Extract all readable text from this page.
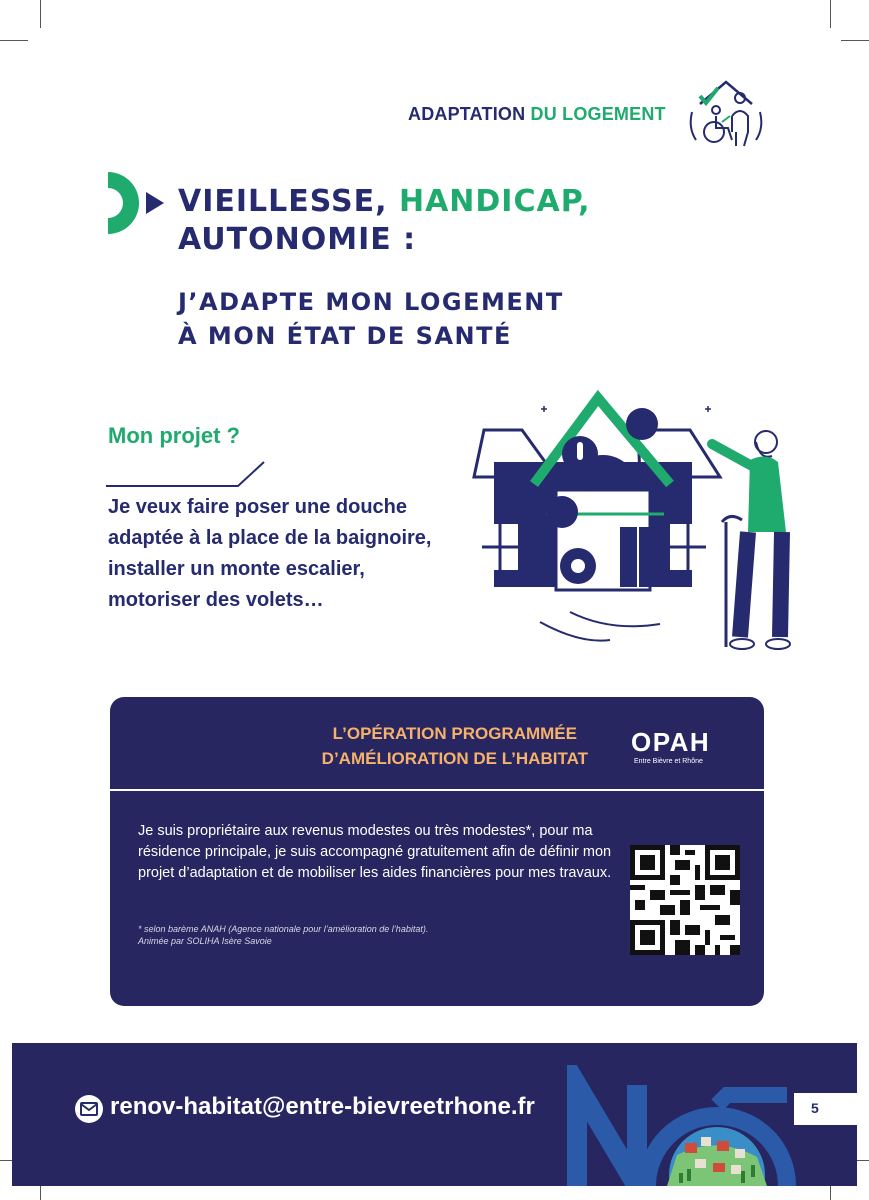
ADAPTATION DU LOGEMENT
VIEILLESSE, HANDICAP,
AUTONOMIE :
J’ADAPTE MON LOGEMENT
À MON ÉTAT DE SANTÉ
Mon projet ?
Je veux faire poser une douche adaptée à la place de la baignoire, installer un monte escalier, motoriser des volets…
L’OPÉRATION PROGRAMMÉE
D’AMÉLIORATION DE L’HABITAT
OPAH
Entre Bièvre et Rhône
Je suis propriétaire aux revenus modestes ou très modestes*, pour ma résidence principale, je suis accompagné gratuitement afin de définir mon projet d’adaptation et de mobiliser les aides financières pour mes travaux.
* selon barème ANAH (Agence nationale pour l’amélioration de l’habitat).
Animée par SOLIHA Isère Savoie
renov-habitat@entre-bievreetrhone.fr	5
